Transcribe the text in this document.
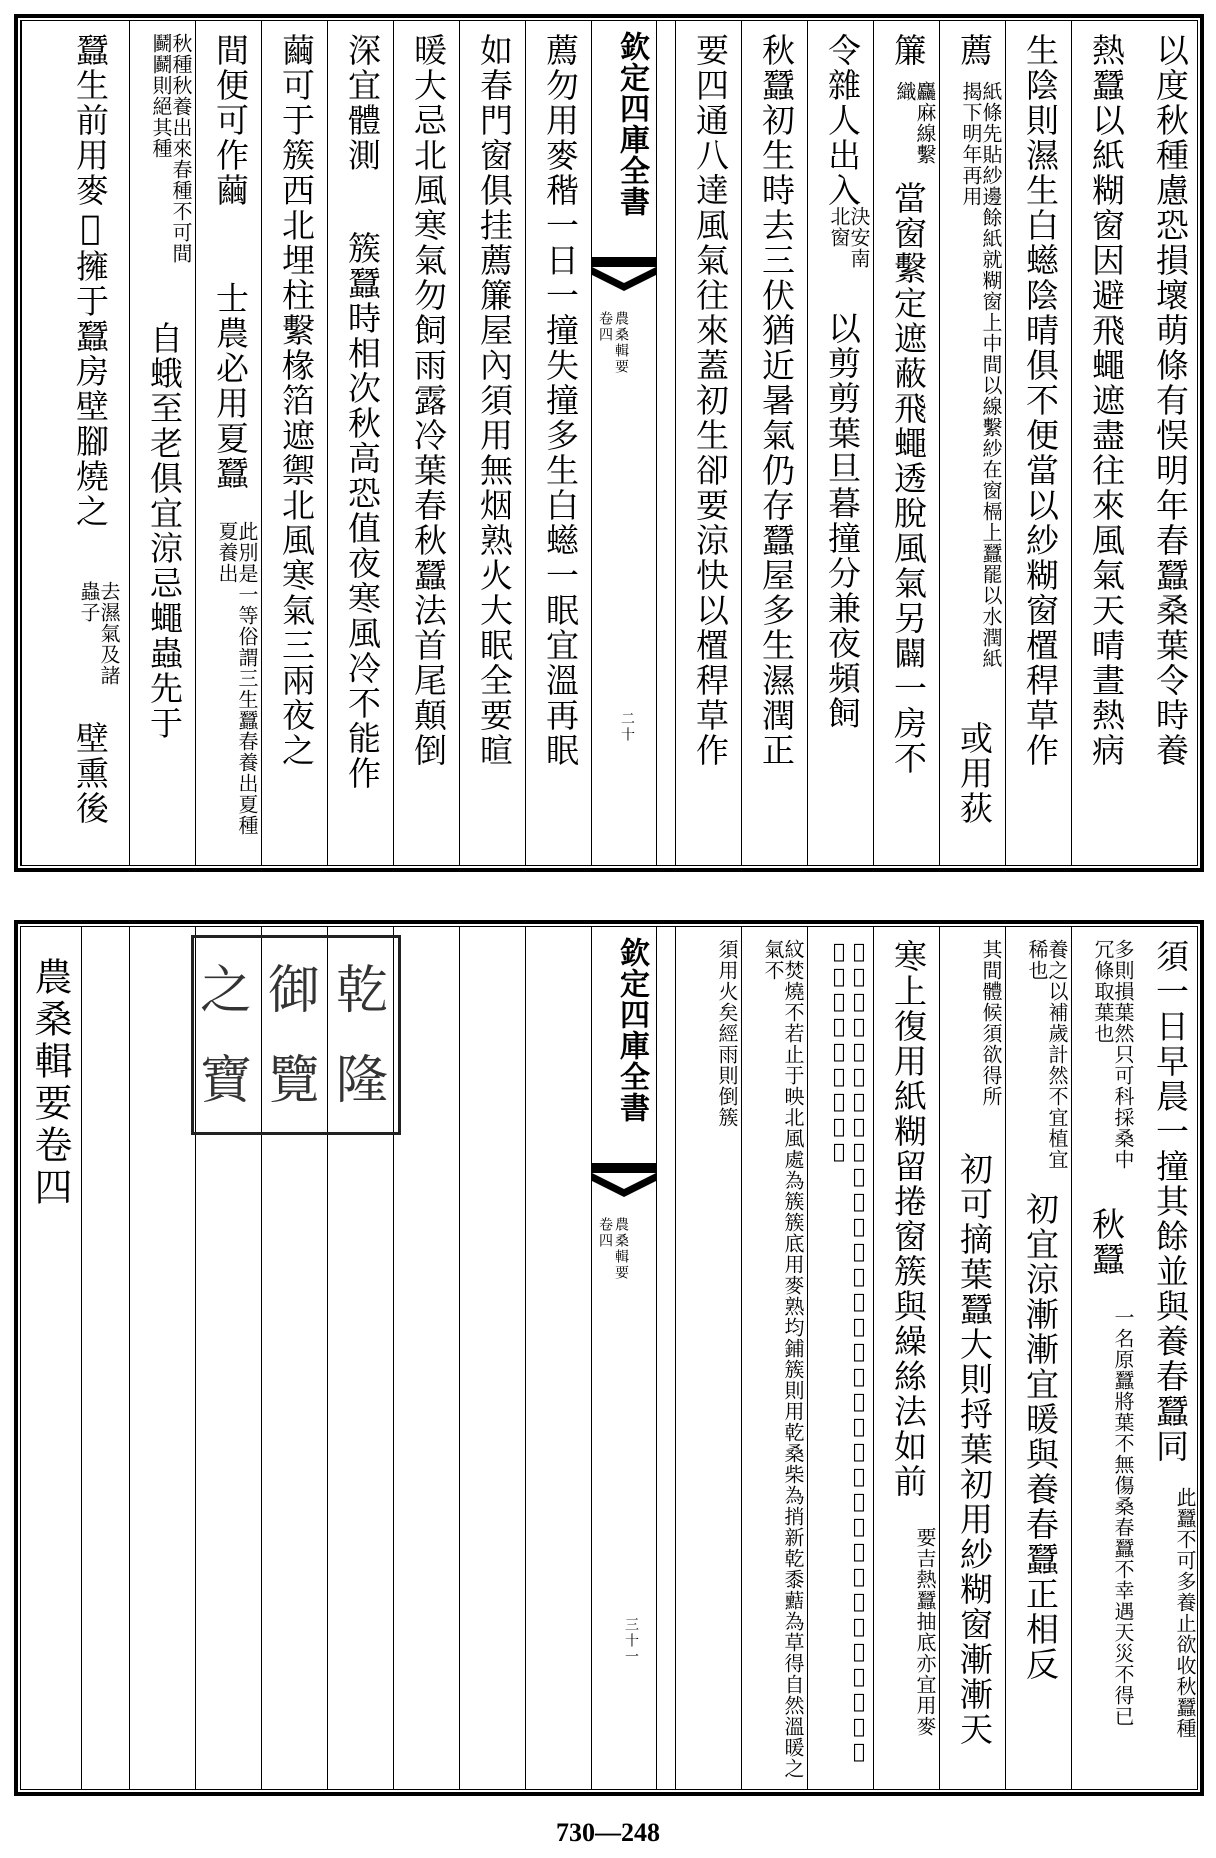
以度秋種慮恐損壞萌條有悮明年春蠶桑葉令時養
熱蠶以紙糊窗因避飛蠅遮盡往來風氣天晴晝熱病
生陰則濕生白䗹陰晴俱不便當以紗糊窗㯰稈草作
薦
紙條先貼紗邊餘紙就糊窗上中間以線繫紗在窗槅上蠶罷以水潤紙揭下明年再用
或用荻
簾
麤麻線繫織
當窗繫定遮蔽飛蠅透脫風氣另闢一房不
令雜人出入
決安南北窗
以剪剪葉旦暮撞分兼夜頻飼
秋蠶初生時去三伏猶近暑氣仍存蠶屋多生濕潤正
要四通八達風氣往來蓋初生卻要涼快以㯰稈草作
欽定四庫全書
農桑輯要
卷四
二十
薦勿用麥稭一日一撞失撞多生白䗹一眠宜溫再眠
如春門窗俱挂薦簾屋內須用無烟熟火大眠全要暄
暖大忌北風寒氣勿飼雨露冷葉春秋蠶法首尾顛倒
深宜體測
簇蠶時相次秋高恐值夜寒風冷不能作
繭可于簇西北埋柱繫椽箔遮禦北風寒氣三兩夜之
間便可作繭
士農必用夏蠶
此別是一等俗謂三生蠶春養出夏種夏養出
秋種秋養出來春種不可間鬬鬬則絕其種
自蛾至老俱宜涼忌蠅蟲先于
蠶生前用麥𥠖擁于蠶房壁腳燒之
去濕氣及諸蟲子
壁熏後
須一日早晨一撞其餘並與養春蠶同
此蠶不可多養止欲收秋蠶種
多則損葉然只可科採桑中冗條取葉也
秋蠶
一名原蠶將葉不無傷桑春蠶不幸遇天災不得已
養之以補歲計然不宜植宜稀也
初宜涼漸漸宜暖與養春蠶正相反
其間體候須欲得所
初可摘葉蠶大則捋葉初用紗糊窗漸漸天
寒上復用紙糊留捲窗簇與繰絲法如前
要吉熱蠶抽底亦宜用麥
𥠖麥熟燒之又大路上踏跐起乾塵土收三四石生蠶日于抽底攤平可避暑濕簇秋蠶多于簇心用熟火或
紋焚燒不若止于映北風處為簇簇底用麥熟均鋪簇則用乾桑柴為捎新乾黍䕸為草得自然溫暖之氣不
須用火矣經雨則倒簇
欽定四庫全書
農桑輯要
卷四
三十一
乾
隆
御
覽
之
寶
農桑輯要卷四
730—248
